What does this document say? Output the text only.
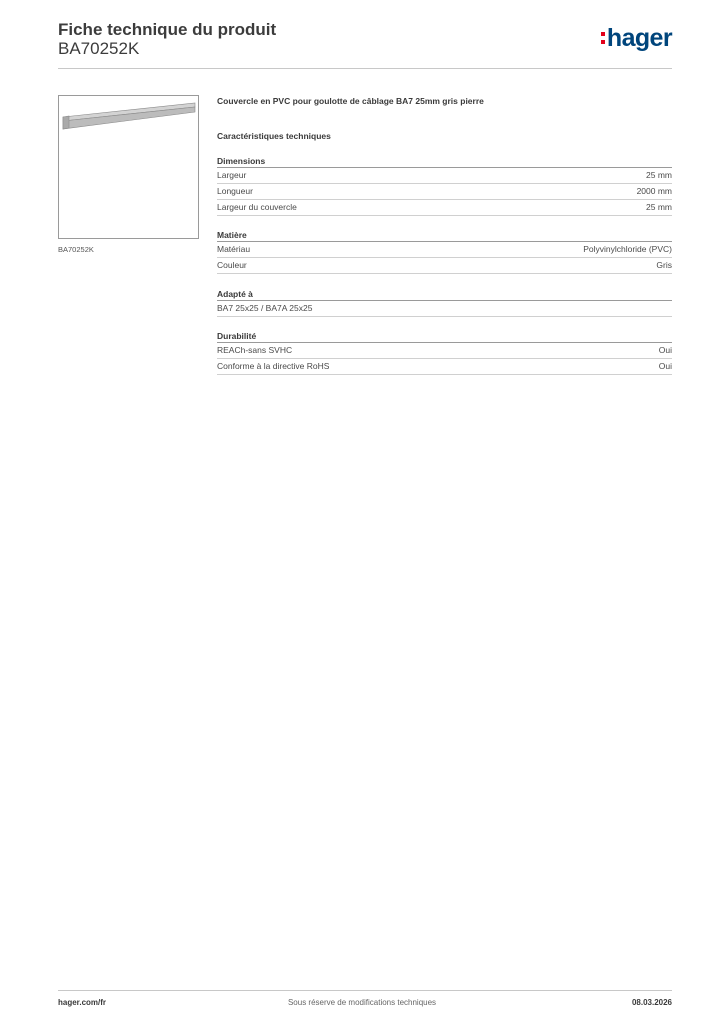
Fiche technique du produit
BA70252K	hager
BA70252K
Couvercle en PVC pour goulotte de câblage BA7 25mm gris pierre
Caractéristiques techniques
Dimensions
Largeur	25 mm
Longueur	2000 mm
Largeur du couvercle	25 mm
Matière
Matériau	Polyvinylchloride (PVC)
Couleur	Gris
Adapté à
BA7 25x25 / BA7A 25x25
Durabilité
REACh-sans SVHC	Oui
Conforme à la directive RoHS	Oui
hager.com/fr	Sous réserve de modifications techniques	08.03.2026
